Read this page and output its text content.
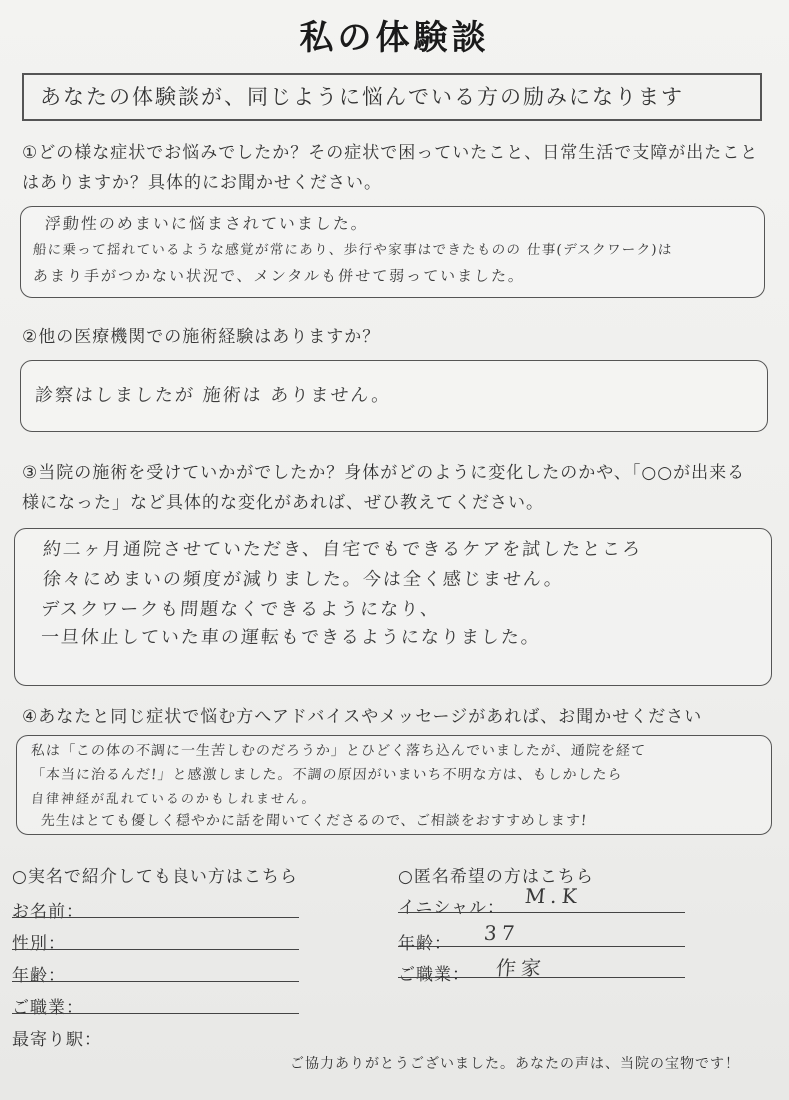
私の体験談
あなたの体験談が、同じように悩んでいる方の励みになります
①どの様な症状でお悩みでしたか？その症状で困っていたこと、日常生活で支障が出たこと
はありますか？具体的にお聞かせください。
浮動性のめまいに悩まされていました。
船に乗って揺れているような感覚が常にあり、歩行や家事はできたものの 仕事(デスクワーク)は
あまり手がつかない状況で、メンタルも併せて弱っていました。
②他の医療機関での施術経験はありますか？
診察はしましたが 施術は ありません。
③当院の施術を受けていかがでしたか？身体がどのように変化したのかや、「○○が出来る
様になった」など具体的な変化があれば、ぜひ教えてください。
約二ヶ月通院させていただき、自宅でもできるケアを試したところ
徐々にめまいの頻度が減りました。今は全く感じません。
デスクワークも問題なくできるようになり、
一旦休止していた車の運転もできるようになりました。
④あなたと同じ症状で悩む方へアドバイスやメッセージがあれば、お聞かせください
私は「この体の不調に一生苦しむのだろうか」とひどく落ち込んでいましたが、通院を経て
「本当に治るんだ!」と感激しました。不調の原因がいまいち不明な方は、もしかしたら
自律神経が乱れているのかもしれません。
先生はとても優しく穏やかに話を聞いてくださるので、ご相談をおすすめします!
○実名で紹介しても良い方はこちら
お名前：
性別：
年齢：
ご職業：
最寄り駅：
○匿名希望の方はこちら
イニシャル： M.K
年齢： 37
ご職業： 作家
ご協力ありがとうございました。あなたの声は、当院の宝物です！
